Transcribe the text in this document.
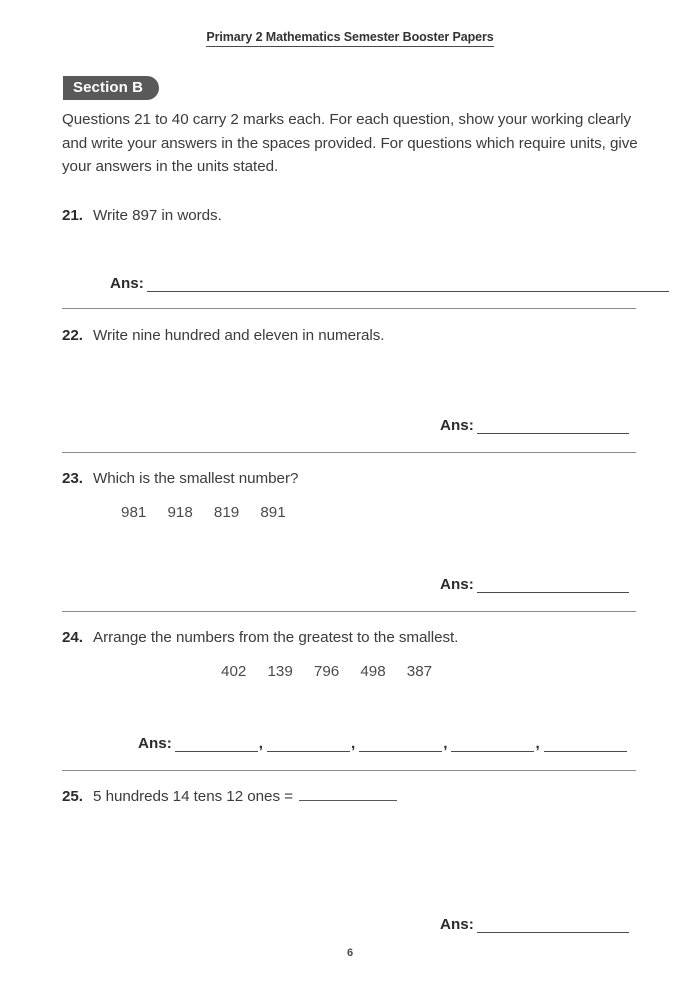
Primary 2 Mathematics Semester Booster Papers
Section B
Questions 21 to 40 carry 2 marks each. For each question, show your working clearly and write your answers in the spaces provided. For questions which require units, give your answers in the units stated.
21. Write 897 in words.
Ans:
22. Write nine hundred and eleven in numerals.
Ans:
23. Which is the smallest number?
981     918     819     891
Ans:
24. Arrange the numbers from the greatest to the smallest.
402     139     796     498     387
Ans:	,	,	,	,
25. 5 hundreds 14 tens 12 ones =
Ans:
6
